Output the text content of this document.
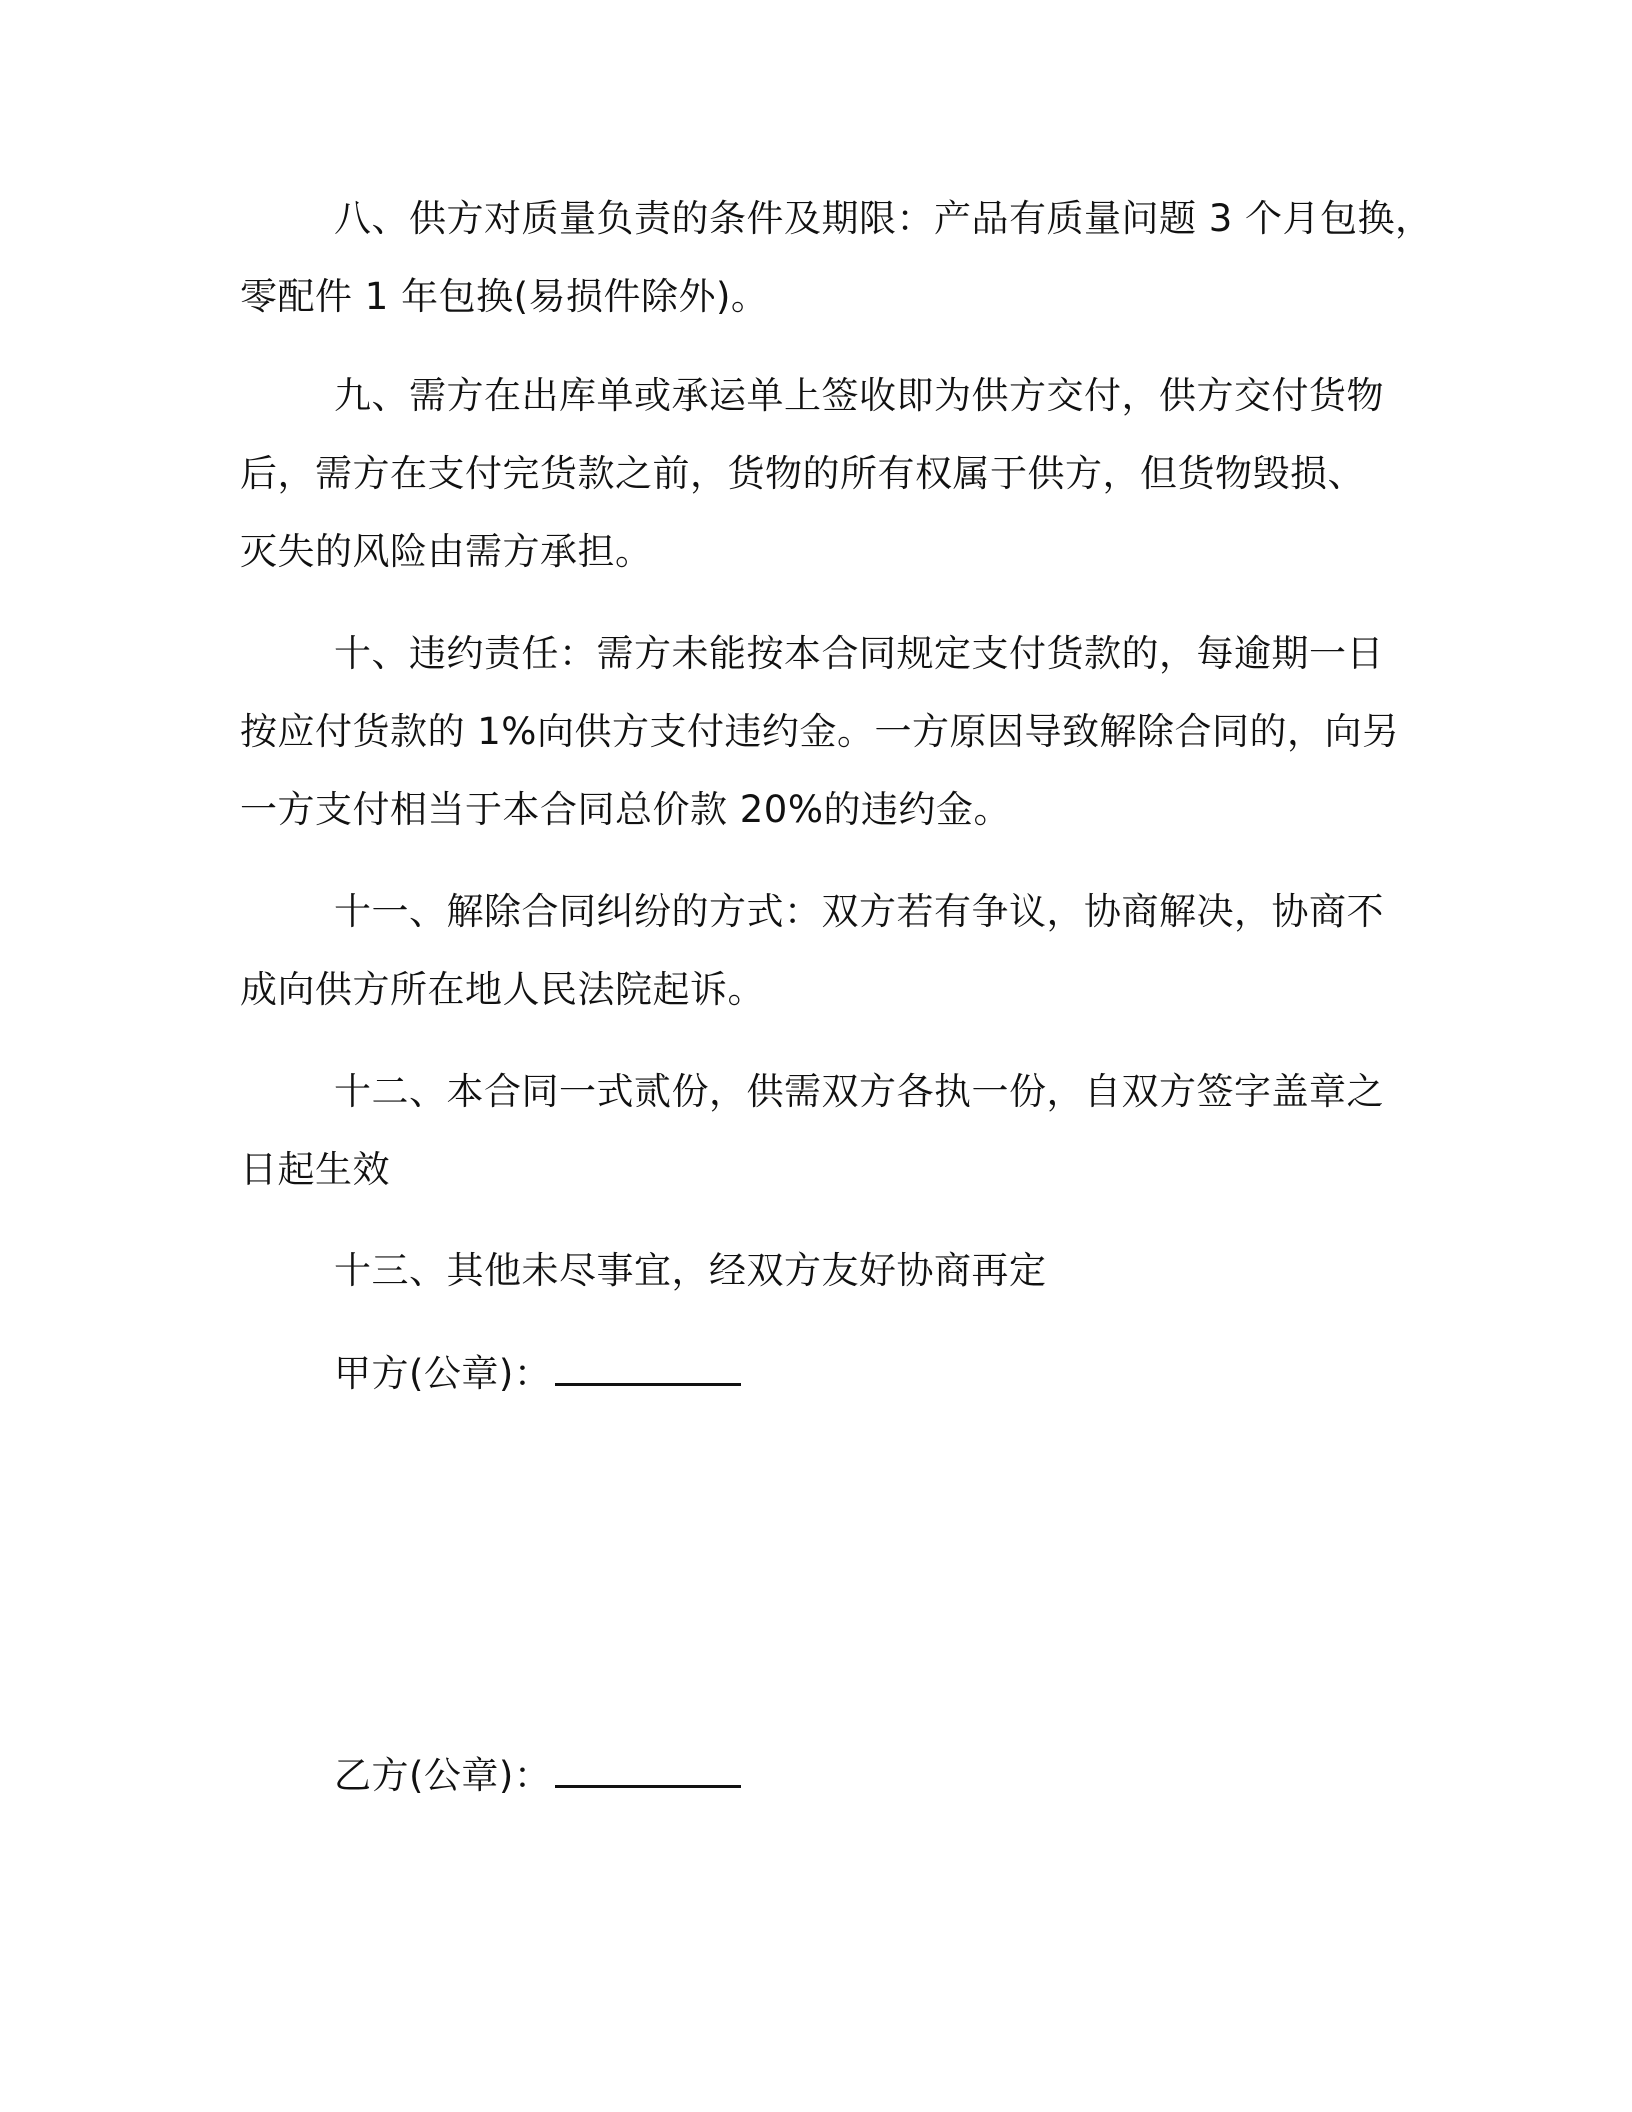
八、供方对质量负责的条件及期限：产品有质量问题 3 个月包换，
零配件 1 年包换(易损件除外)。
九、需方在出库单或承运单上签收即为供方交付，供方交付货物
后，需方在支付完货款之前，货物的所有权属于供方，但货物毁损、
灭失的风险由需方承担。
十、违约责任：需方未能按本合同规定支付货款的，每逾期一日
按应付货款的 1%向供方支付违约金。一方原因导致解除合同的，向另
一方支付相当于本合同总价款 20%的违约金。
十一、解除合同纠纷的方式：双方若有争议，协商解决，协商不
成向供方所在地人民法院起诉。
十二、本合同一式贰份，供需双方各执一份，自双方签字盖章之
日起生效
十三、其他未尽事宜，经双方友好协商再定
甲方(公章)：
乙方(公章)：
